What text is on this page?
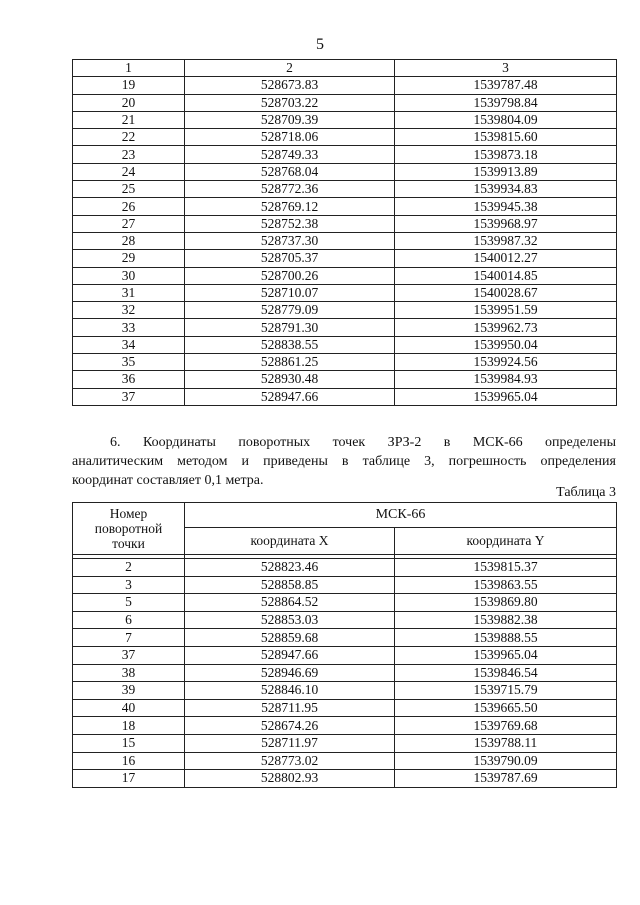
5
1	2	3
19	528673.83	1539787.48
20	528703.22	1539798.84
21	528709.39	1539804.09
22	528718.06	1539815.60
23	528749.33	1539873.18
24	528768.04	1539913.89
25	528772.36	1539934.83
26	528769.12	1539945.38
27	528752.38	1539968.97
28	528737.30	1539987.32
29	528705.37	1540012.27
30	528700.26	1540014.85
31	528710.07	1540028.67
32	528779.09	1539951.59
33	528791.30	1539962.73
34	528838.55	1539950.04
35	528861.25	1539924.56
36	528930.48	1539984.93
37	528947.66	1539965.04
6. Координаты поворотных точек ЗРЗ-2 в МСК-66 определены
аналитическим методом и приведены в таблице 3, погрешность определения
координат составляет 0,1 метра.
Таблица 3
Номер поворотной точки	МСК-66	
	координата X	координата Y

2	528823.46	1539815.37
3	528858.85	1539863.55
5	528864.52	1539869.80
6	528853.03	1539882.38
7	528859.68	1539888.55
37	528947.66	1539965.04
38	528946.69	1539846.54
39	528846.10	1539715.79
40	528711.95	1539665.50
18	528674.26	1539769.68
15	528711.97	1539788.11
16	528773.02	1539790.09
17	528802.93	1539787.69
